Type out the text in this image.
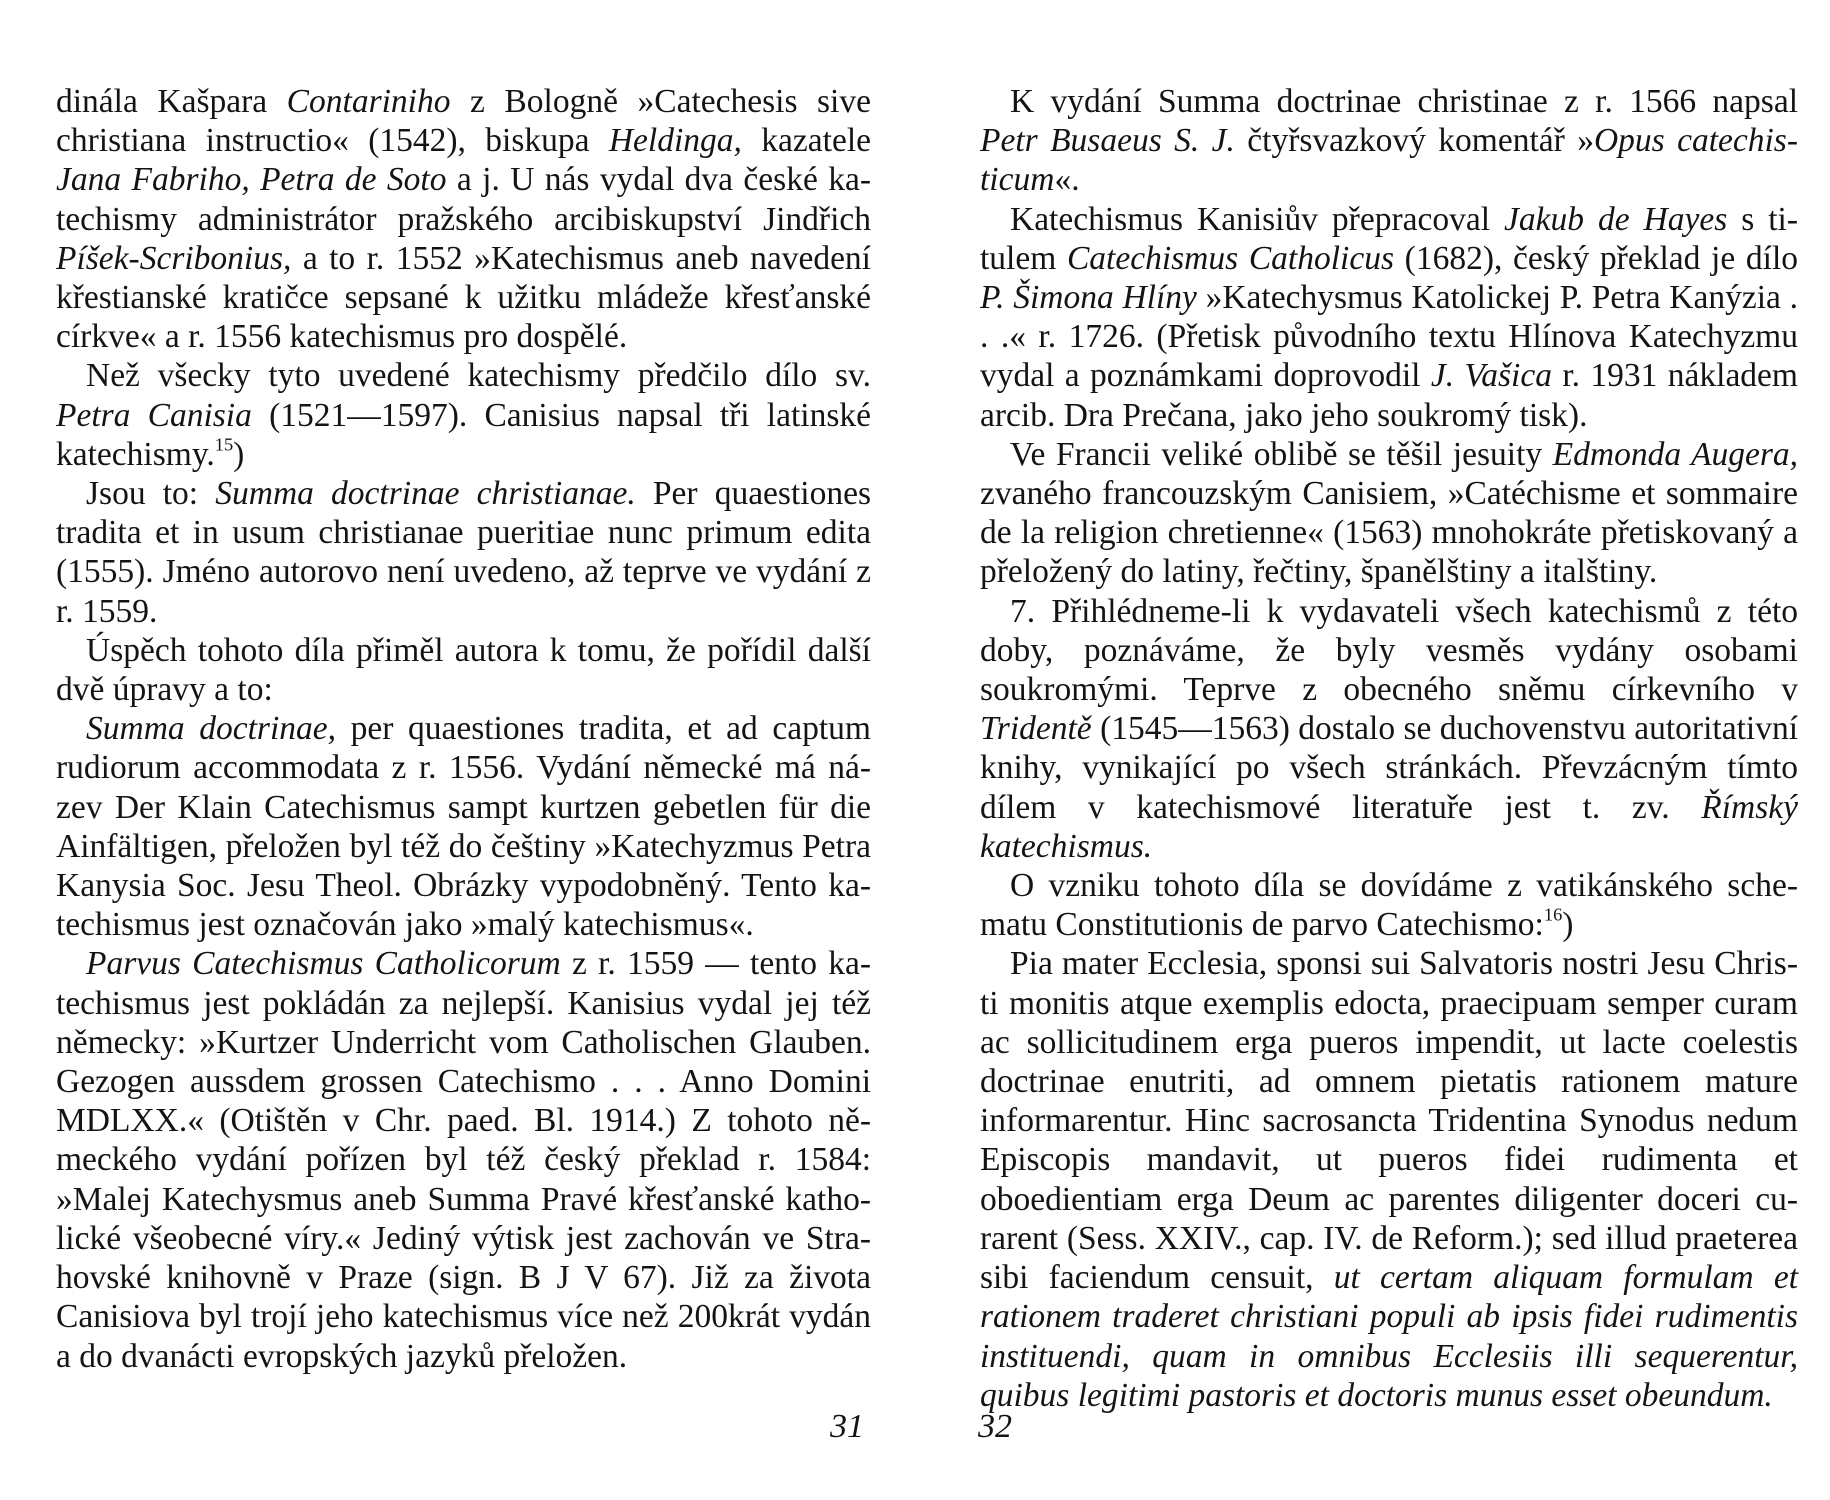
dinála Kašpara Contariniho z Bologně »Catechesis sive christiana instructio« (1542), biskupa Heldinga, kazatele Jana Fabriho, Petra de Soto a j. U nás vydal dva české katechismy administrátor pražského arcibiskupství Jindřich Píšek-Scribonius, a to r. 1552 »Katechismus aneb navedení křestianské kratičce sepsané k užitku mládeže křesťanské církve« a r. 1556 katechismus pro dospělé.

Než všecky tyto uvedené katechismy předčilo dílo sv. Petra Canisia (1521—1597). Canisius napsal tři latinské katechismy.$^{15}$)

Jsou to: Summa doctrinae christianae. Per quaestiones tradita et in usum christianae pueritiae nunc primum edita (1555). Jméno autorovo není uvedeno, až teprve ve vydání z r. 1559.

Úspěch tohoto díla přiměl autora k tomu, že pořídil další dvě úpravy a to:

Summa doctrinae, per quaestiones tradita, et ad captum rudiorum accommodata z r. 1556. Vydání německé má název Der Klain Catechismus sampt kurtzen gebetlen für die Ainfältigen, přeložen byl též do češtiny »Katechyzmus Petra Kanysia Soc. Jesu Theol. Obrázky vypodobněný. Tento katechismus jest označován jako »malý katechismus«.

Parvus Catechismus Catholicorum z r. 1559 — tento katechismus jest pokládán za nejlepší. Kanisius vydal jej též německy: »Kurtzer Underricht vom Catholischen Glauben. Gezogen aussdem grossen Catechismo . . . Anno Domini MDLXX.« (Otištěn v Chr. paed. Bl. 1914.) Z tohoto německého vydání pořízen byl též český překlad r. 1584: »Malej Katechysmus aneb Summa Pravé křesťanské katholické všeobecné víry.« Jediný výtisk jest zachován ve Strahovské knihovně v Praze (sign. B J V 67). Již za života Canisiova byl trojí jeho katechismus více než 200krát vydán a do dvanácti evropských jazyků přeložen.

31

K vydání Summa doctrinae christinae z r. 1566 napsal Petr Busaeus S. J. čtyřsvazkový komentář »Opus catechisticum«.

Katechismus Kanisiův přepracoval Jakub de Hayes s titulem Catechismus Catholicus (1682), český překlad je dílo P. Šimona Hlíny »Katechysmus Katolickej P. Petra Kanýzia . . .« r. 1726. (Přetisk původního textu Hlínova Katechyzmu vydal a poznámkami doprovodil J. Vašica r. 1931 nákladem arcib. Dra Prečana, jako jeho soukromý tisk).

Ve Francii veliké oblibě se těšil jesuity Edmonda Augera, zvaného francouzským Canisiem, »Catéchisme et sommaire de la religion chretienne« (1563) mnohokráte přetiskovaný a přeložený do latiny, řečtiny, španělštiny a italštiny.

7. Přihlédneme-li k vydavateli všech katechismů z této doby, poznáváme, že byly vesměs vydány osobami soukromými. Teprve z obecného sněmu církevního v Tridentě (1545—1563) dostalo se duchovenstvu autoritativní knihy, vynikající po všech stránkách. Převzácným tímto dílem v katechismové literatuře jest t. zv. Římský katechismus.

O vzniku tohoto díla se dovídáme z vatikánského schematu Constitutionis de parvo Catechismo:$^{16}$)

Pia mater Ecclesia, sponsi sui Salvatoris nostri Jesu Christi monitis atque exemplis edocta, praecipuam semper curam ac sollicitudinem erga pueros impendit, ut lacte coelestis doctrinae enutriti, ad omnem pietatis rationem mature informarentur. Hinc sacrosancta Tridentina Synodus nedum Episcopis mandavit, ut pueros fidei rudimenta et oboedientiam erga Deum ac parentes diligenter doceri curarent (Sess. XXIV., cap. IV. de Reform.); sed illud praeterea sibi faciendum censuit, ut certam aliquam formulam et rationem traderet christiani populi ab ipsis fidei rudimentis instituendi, quam in omnibus Ecclesiis illi sequerentur, quibus legitimi pastoris et doctoris munus esset obeundum.

32
